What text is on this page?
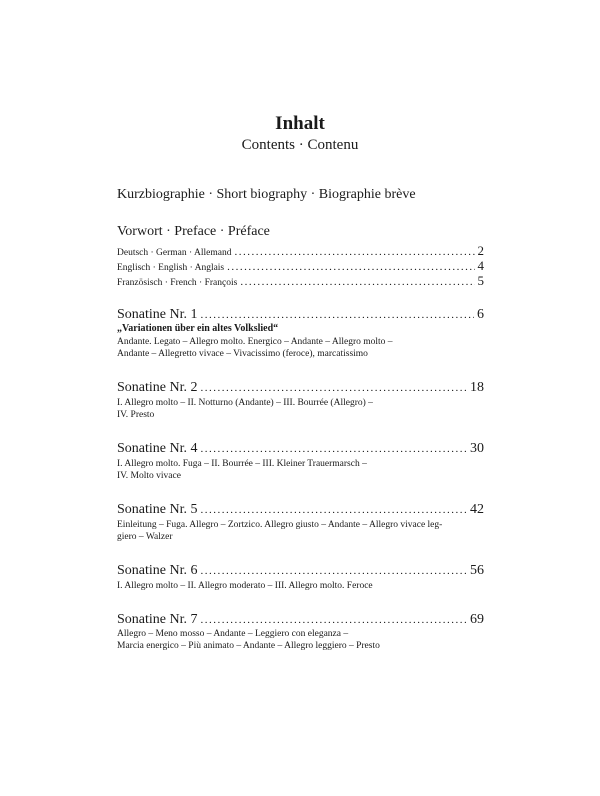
Inhalt
Contents · Contenu
Kurzbiographie · Short biography · Biographie brève
Vorwort · Preface · Préface
Deutsch · German · Allemand .....	2
Englisch · English · Anglais .....	4
Französisch · French · François .....	5
Sonatine Nr. 1 .....	6
„Variationen über ein altes Volkslied“
Andante. Legato – Allegro molto. Energico – Andante – Allegro molto –
Andante – Allegretto vivace – Vivacissimo (feroce), marcatissimo
Sonatine Nr. 2 .....	18
I. Allegro molto – II. Notturno (Andante) – III. Bourrée (Allegro) –
IV. Presto
Sonatine Nr. 4 .....	30
I. Allegro molto. Fuga – II. Bourrée – III. Kleiner Trauermarsch –
IV. Molto vivace
Sonatine Nr. 5 .....	42
Einleitung – Fuga. Allegro – Zortzico. Allegro giusto – Andante – Allegro vivace leg-
giero – Walzer
Sonatine Nr. 6 .....	56
I. Allegro molto – II. Allegro moderato – III. Allegro molto. Feroce
Sonatine Nr. 7 .....	69
Allegro – Meno mosso – Andante – Leggiero con eleganza –
Marcia energico – Più animato – Andante – Allegro leggiero – Presto
